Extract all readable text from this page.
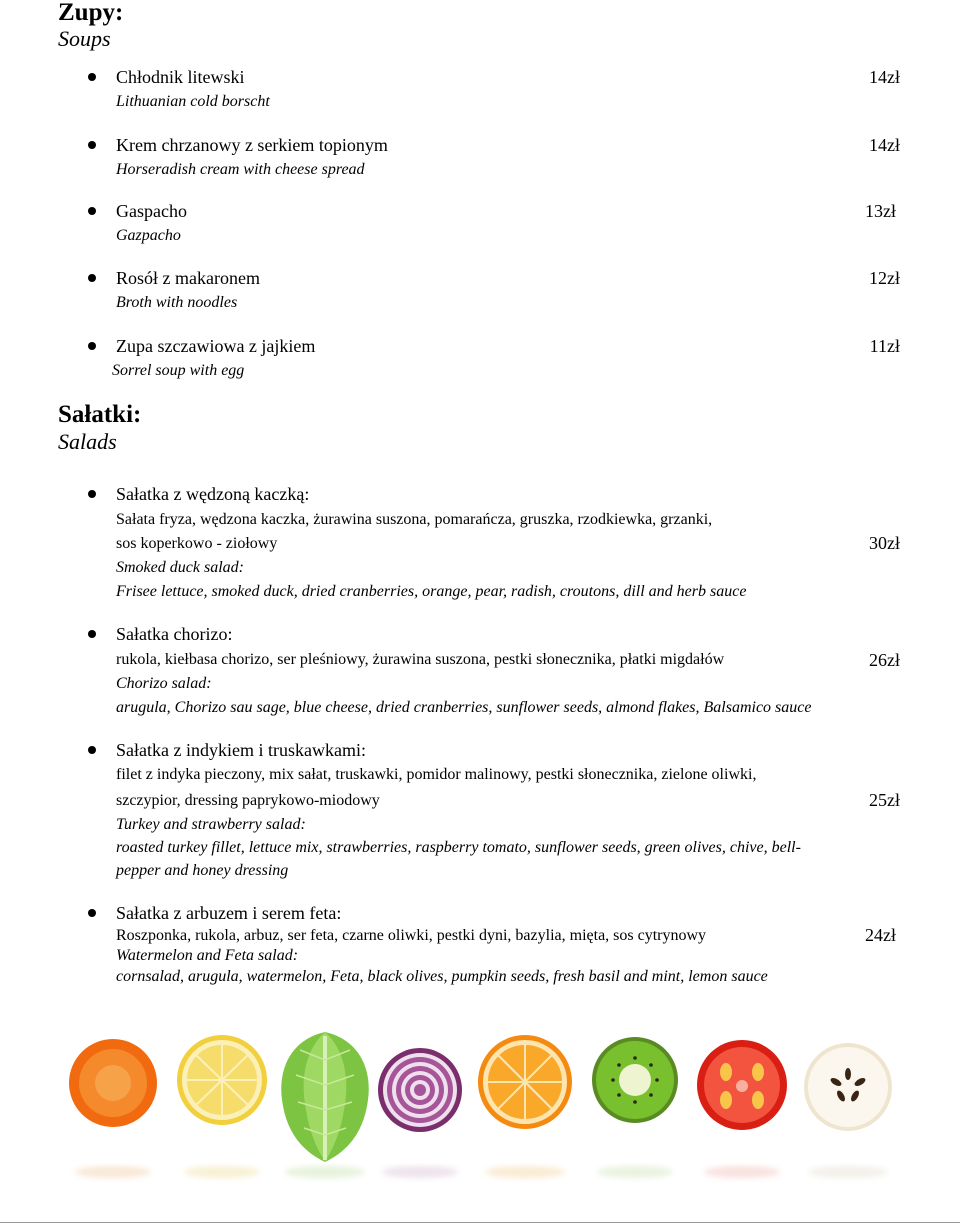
Zupy:
Soups
Chłodnik litewski
Lithuanian cold borscht
14zł
Krem chrzanowy z serkiem topionym
Horseradish cream with cheese spread
14zł
Gaspacho
Gazpacho
13zł
Rosół z makaronem
Broth with noodles
12zł
Zupa szczawiowa z jajkiem
Sorrel soup with egg
11zł
Sałatki:
Salads
Sałatka z wędzoną kaczką:
Sałata fryza, wędzona kaczka, żurawina suszona, pomarańcza, gruszka, rzodkiewka, grzanki,
sos koperkowo - ziołowy
Smoked duck salad:
Frisee lettuce, smoked duck, dried cranberries, orange, pear, radish, croutons, dill and herb sauce
30zł
Sałatka chorizo:
rukola, kiełbasa chorizo, ser pleśniowy, żurawina suszona, pestki słonecznika, płatki migdałów
Chorizo salad:
arugula, Chorizo sau sage, blue cheese, dried cranberries, sunflower seeds, almond flakes, Balsamico sauce
26zł
Sałatka z indykiem i truskawkami:
filet z indyka pieczony, mix sałat, truskawki, pomidor malinowy, pestki słonecznika, zielone oliwki,
szczypior, dressing paprykowo-miodowy
Turkey and strawberry salad:
roasted turkey fillet, lettuce mix, strawberries, raspberry tomato, sunflower seeds, green olives, chive, bell-
pepper and honey dressing
25zł
Sałatka z arbuzem i serem feta:
Roszponka, rukola, arbuz, ser feta, czarne oliwki, pestki dyni, bazylia, mięta, sos cytrynowy
Watermelon and Feta salad:
cornsalad, arugula, watermelon, Feta, black olives, pumpkin seeds, fresh basil and mint, lemon sauce
24zł
